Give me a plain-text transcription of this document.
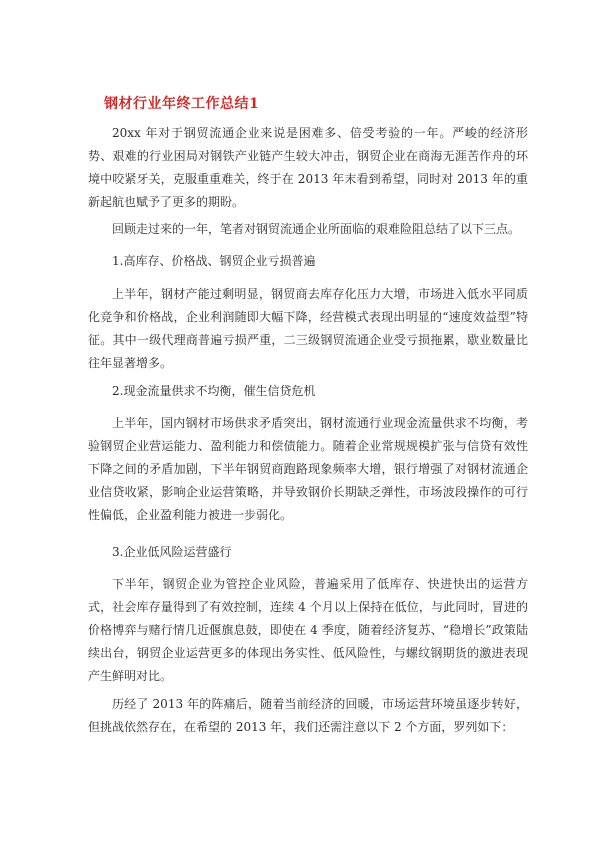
钢材行业年终工作总结1

20xx 年对于钢贸流通企业来说是困难多、倍受考验的一年。严峻的经济形势、艰难的行业困局对钢铁产业链产生较大冲击，钢贸企业在商海无涯苦作舟的环境中咬紧牙关，克服重重难关，终于在 2013 年末看到希望，同时对 2013 年的重新起航也赋予了更多的期盼。

回顾走过来的一年，笔者对钢贸流通企业所面临的艰难险阻总结了以下三点。

1.高库存、价格战、钢贸企业亏损普遍

上半年，钢材产能过剩明显，钢贸商去库存化压力大增，市场进入低水平同质化竞争和价格战，企业利润随即大幅下降，经营模式表现出明显的“速度效益型”特征。其中一级代理商普遍亏损严重，二三级钢贸流通企业受亏损拖累，歇业数量比往年显著增多。

2.现金流量供求不均衡，催生信贷危机

上半年，国内钢材市场供求矛盾突出，钢材流通行业现金流量供求不均衡，考验钢贸企业营运能力、盈利能力和偿债能力。随着企业常规规模扩张与信贷有效性下降之间的矛盾加剧，下半年钢贸商跑路现象频率大增，银行增强了对钢材流通企业信贷收紧，影响企业运营策略，并导致钢价长期缺乏弹性，市场波段操作的可行性偏低，企业盈利能力被进一步弱化。

3.企业低风险运营盛行

下半年，钢贸企业为管控企业风险，普遍采用了低库存、快进快出的运营方式，社会库存量得到了有效控制，连续 4 个月以上保持在低位，与此同时，冒进的价格博弈与赌行情几近偃旗息鼓，即使在 4 季度，随着经济复苏、“稳增长”政策陆续出台，钢贸企业运营更多的体现出务实性、低风险性，与螺纹钢期货的激进表现产生鲜明对比。

历经了 2013 年的阵痛后，随着当前经济的回暖，市场运营环境虽逐步转好，但挑战依然存在，在希望的 2013 年，我们还需注意以下 2 个方面，罗列如下：
